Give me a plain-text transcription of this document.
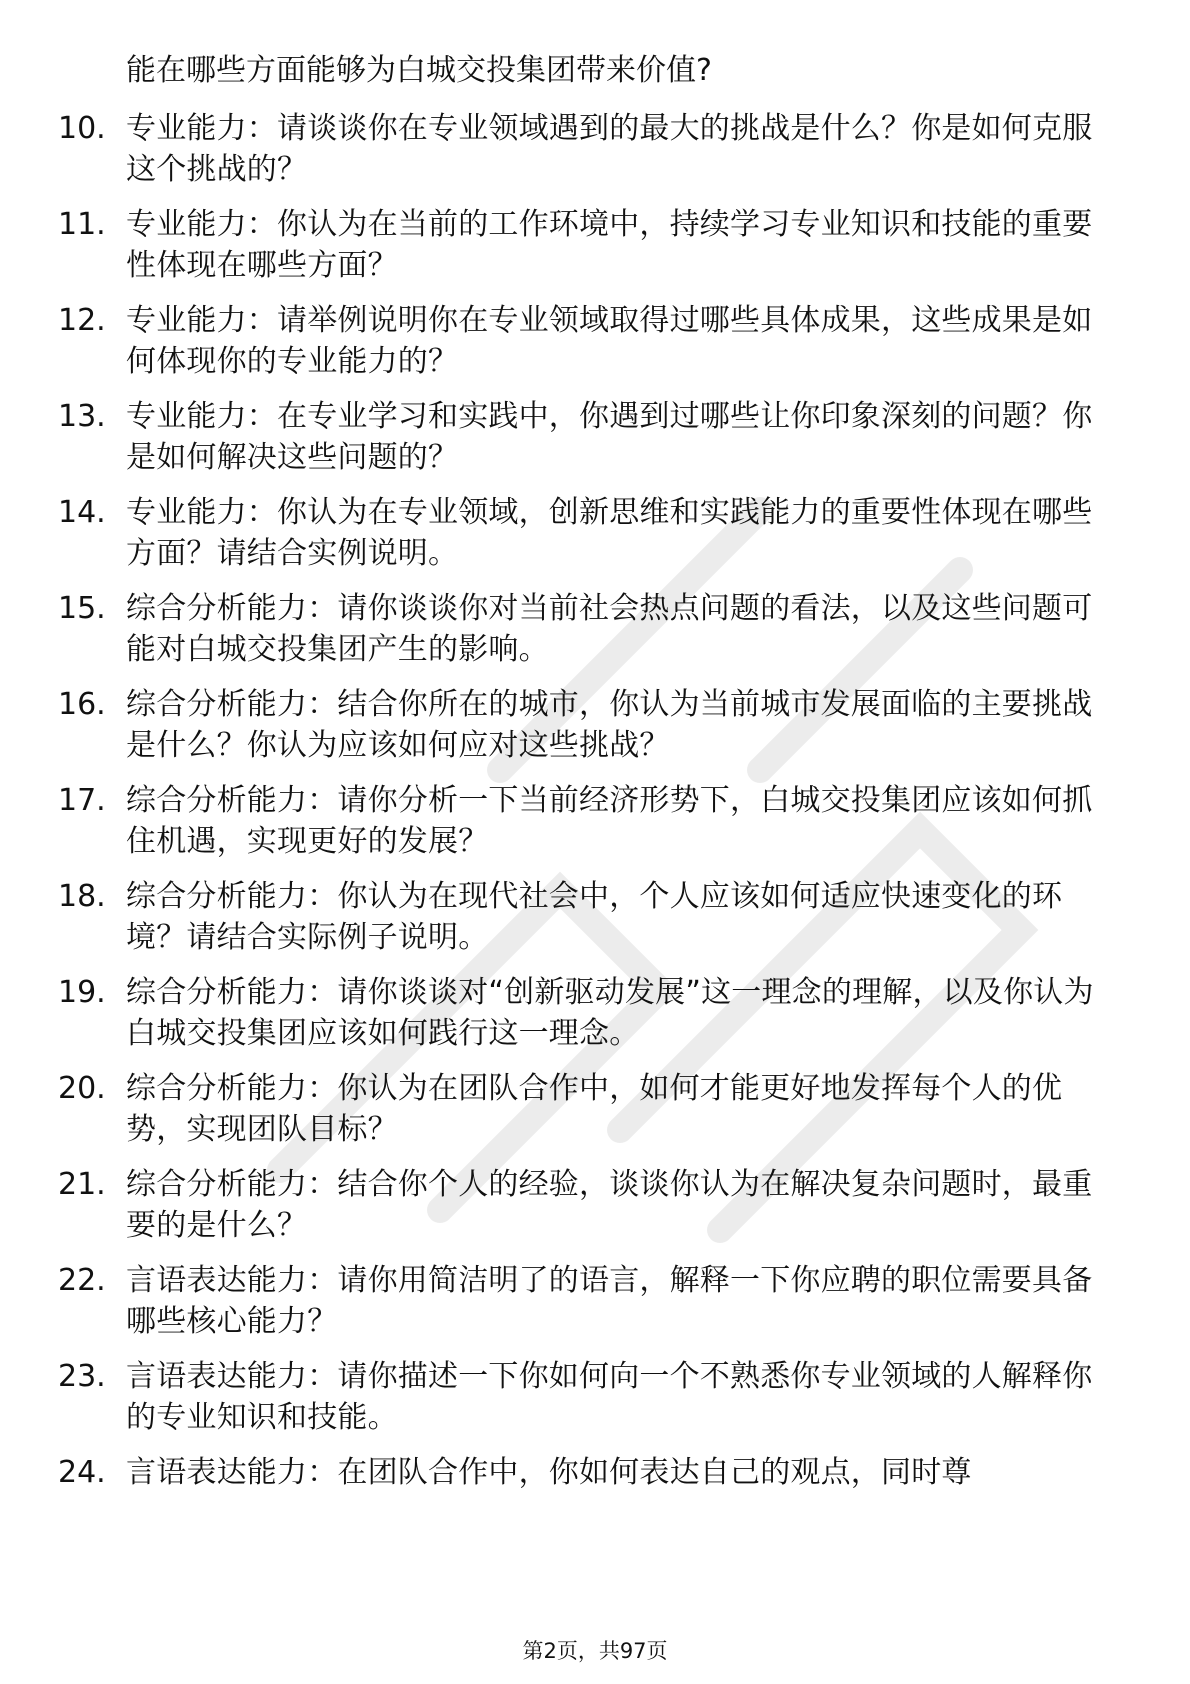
能在哪些方面能够为白城交投集团带来价值?
10. 专业能力：请谈谈你在专业领域遇到的最大的挑战是什么？你是如何克服这个挑战的？
11. 专业能力：你认为在当前的工作环境中，持续学习专业知识和技能的重要性体现在哪些方面？
12. 专业能力：请举例说明你在专业领域取得过哪些具体成果，这些成果是如何体现你的专业能力的？
13. 专业能力：在专业学习和实践中，你遇到过哪些让你印象深刻的问题？你是如何解决这些问题的？
14. 专业能力：你认为在专业领域，创新思维和实践能力的重要性体现在哪些方面？请结合实例说明。
15. 综合分析能力：请你谈谈你对当前社会热点问题的看法，以及这些问题可能对白城交投集团产生的影响。
16. 综合分析能力：结合你所在的城市，你认为当前城市发展面临的主要挑战是什么？你认为应该如何应对这些挑战？
17. 综合分析能力：请你分析一下当前经济形势下，白城交投集团应该如何抓住机遇，实现更好的发展？
18. 综合分析能力：你认为在现代社会中，个人应该如何适应快速变化的环境？请结合实际例子说明。
19. 综合分析能力：请你谈谈对“创新驱动发展”这一理念的理解，以及你认为白城交投集团应该如何践行这一理念。
20. 综合分析能力：你认为在团队合作中，如何才能更好地发挥每个人的优势，实现团队目标？
21. 综合分析能力：结合你个人的经验，谈谈你认为在解决复杂问题时，最重要的是什么？
22. 言语表达能力：请你用简洁明了的语言，解释一下你应聘的职位需要具备哪些核心能力？
23. 言语表达能力：请你描述一下你如何向一个不熟悉你专业领域的人解释你的专业知识和技能。
24. 言语表达能力：在团队合作中，你如何表达自己的观点，同时尊
第2页，共97页
